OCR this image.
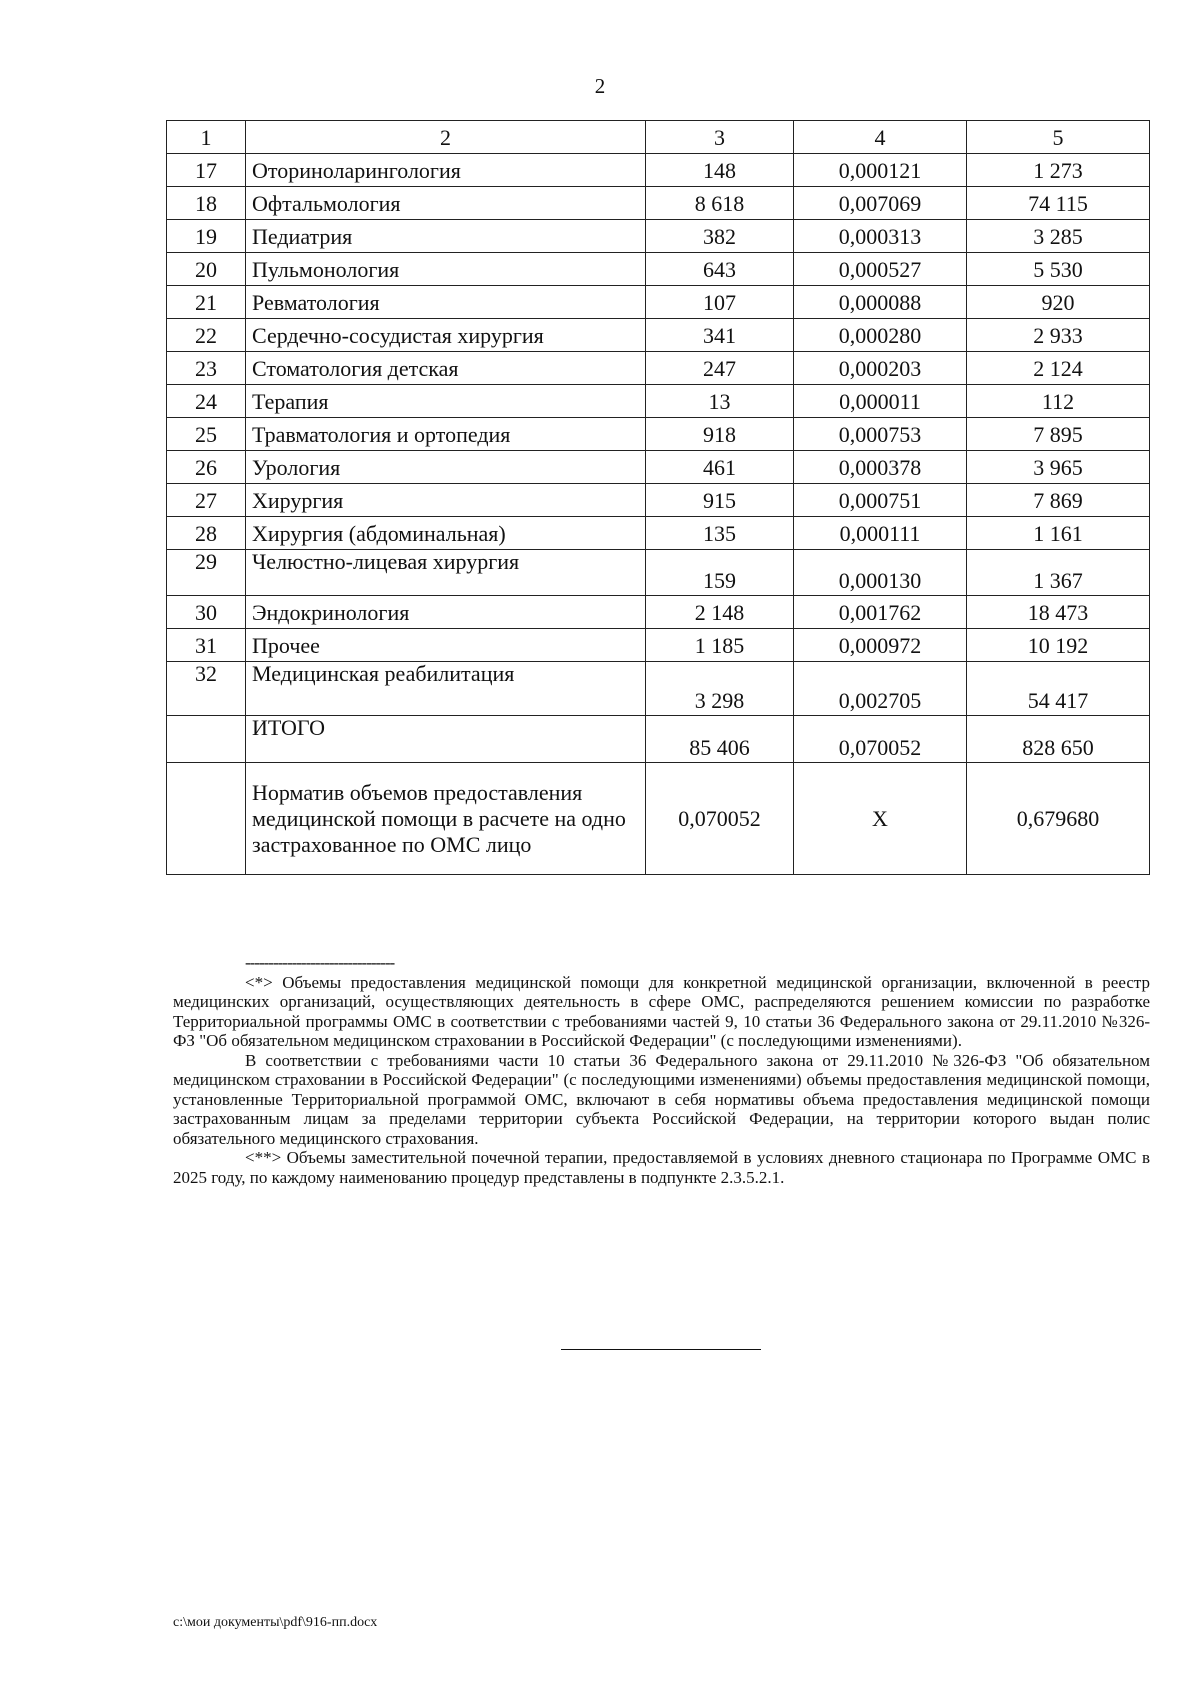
2
1	2	3	4	5
17	Оториноларингология	148	0,000121	1 273
18	Офтальмология	8 618	0,007069	74 115
19	Педиатрия	382	0,000313	3 285
20	Пульмонология	643	0,000527	5 530
21	Ревматология	107	0,000088	920
22	Сердечно-сосудистая хирургия	341	0,000280	2 933
23	Стоматология детская	247	0,000203	2 124
24	Терапия	13	0,000011	112
25	Травматология и ортопедия	918	0,000753	7 895
26	Урология	461	0,000378	3 965
27	Хирургия	915	0,000751	7 869
28	Хирургия (абдоминальная)	135	0,000111	1 161
29	Челюстно-лицевая хирургия	159	0,000130	1 367
30	Эндокринология	2 148	0,001762	18 473
31	Прочее	1 185	0,000972	10 192
32	Медицинская реабилитация	3 298	0,002705	54 417
	ИТОГО	85 406	0,070052	828 650
	Норматив объемов предоставления медицинской помощи в расчете на одно застрахованное по ОМС лицо	0,070052	Х	0,679680
--------------------------------

<*> Объемы предоставления медицинской помощи для конкретной медицинской организации, включенной в реестр медицинских организаций, осуществляющих деятельность в сфере ОМС, распределяются решением комиссии по разработке Территориальной программы ОМС в соответствии с требованиями частей 9, 10 статьи 36 Федерального закона от 29.11.2010 №326-ФЗ "Об обязательном медицинском страховании в Российской Федерации" (с последующими изменениями).

В соответствии с требованиями части 10 статьи 36 Федерального закона от 29.11.2010 №326-ФЗ "Об обязательном медицинском страховании в Российской Федерации" (с последующими изменениями) объемы предоставления медицинской помощи, установленные Территориальной программой ОМС, включают в себя нормативы объема предоставления медицинской помощи застрахованным лицам за пределами территории субъекта Российской Федерации, на территории которого выдан полис обязательного медицинского страхования.

<**> Объемы заместительной почечной терапии, предоставляемой в условиях дневного стационара по Программе ОМС в 2025 году, по каждому наименованию процедур представлены в подпункте 2.3.5.2.1.

c:\мои документы\pdf\916-пп.docx
